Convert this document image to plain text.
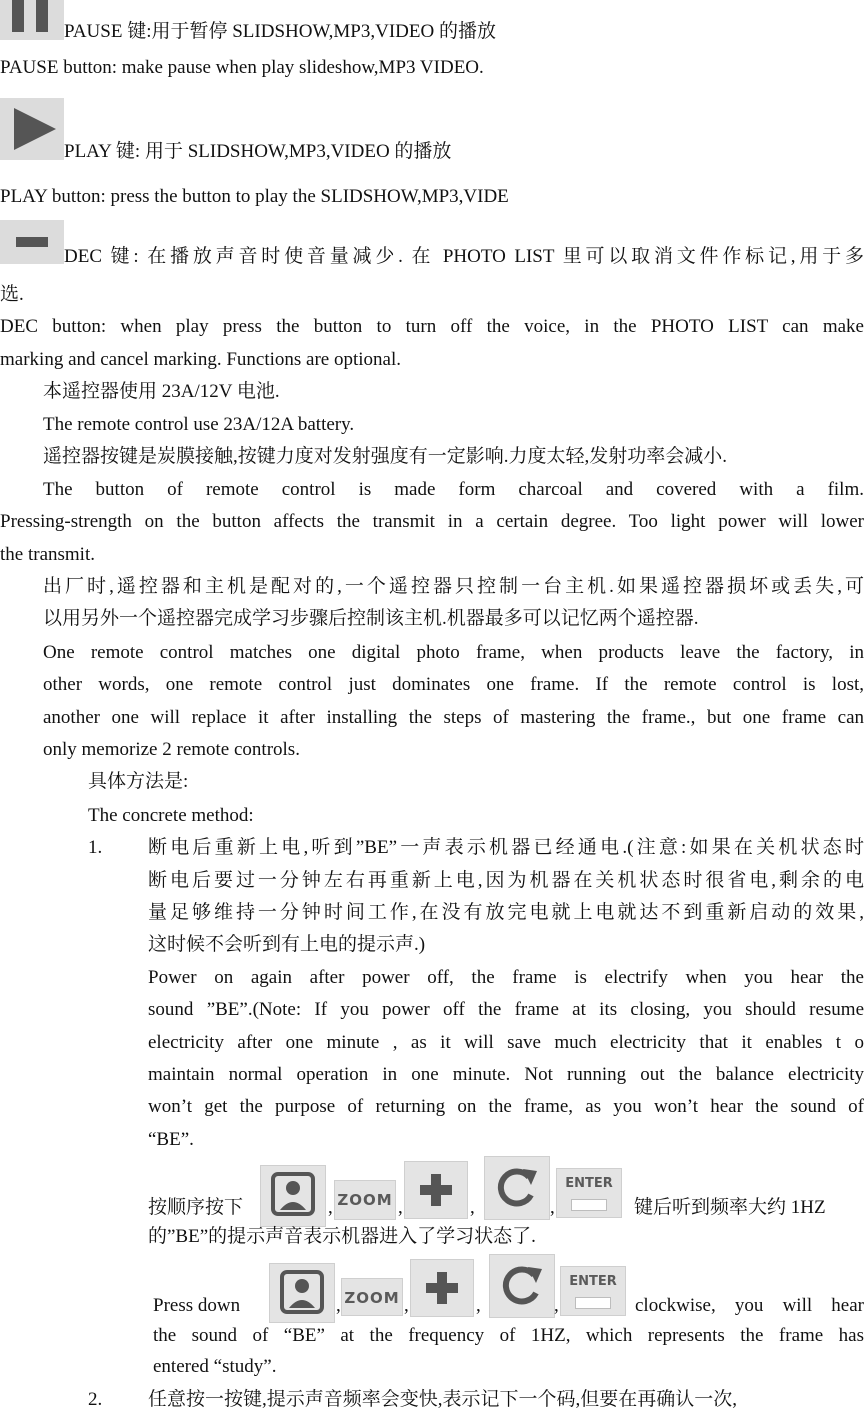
PAUSE 键:用于暂停 SLIDSHOW,MP3,VIDEO 的播放
PAUSE button: make pause when play slideshow,MP3 VIDEO.
PLAY 键: 用于 SLIDSHOW,MP3,VIDEO 的播放
PLAY button: press the button to play the SLIDSHOW,MP3,VIDE
DEC 键: 在播放声音时使音量减少. 在 PHOTO LIST 里可以取消文件作标记,用于多
选.
DEC button: when play press the button to turn off the voice, in the PHOTO LIST can make
marking and cancel marking. Functions are optional.
本遥控器使用 23A/12V 电池.
The remote control use 23A/12A battery.
遥控器按键是炭膜接触,按键力度对发射强度有一定影响.力度太轻,发射功率会减小.
The button of remote control is made form charcoal and covered with a film.
Pressing-strength on the button affects the transmit in a certain degree. Too light power will lower
the transmit.
出厂时,遥控器和主机是配对的,一个遥控器只控制一台主机.如果遥控器损坏或丢失,可
以用另外一个遥控器完成学习步骤后控制该主机.机器最多可以记忆两个遥控器.
One remote control matches one digital photo frame, when products leave the factory, in
other words, one remote control just dominates one frame. If the remote control is lost,
another one will replace it after installing the steps of mastering the frame., but one frame can
only memorize 2 remote controls.
具体方法是:
The concrete method:
1. 断电后重新上电,听到”BE”一声表示机器已经通电.(注意:如果在关机状态时
断电后要过一分钟左右再重新上电,因为机器在关机状态时很省电,剩余的电
量足够维持一分钟时间工作,在没有放完电就上电就达不到重新启动的效果,
这时候不会听到有上电的提示声.)
Power on again after power off, the frame is electrify when you hear the
sound ”BE”.(Note: If you power off the frame at its closing, you should resume
electricity after one minute , as it will save much electricity that it enables t o
maintain normal operation in one minute. Not running out the balance electricity
won’t get the purpose of returning on the frame, as you won’t hear the sound of
“BE”.
按顺序按下	, ZOOM ,	,	,
ENTER
键后听到频率大约 1HZ
的”BE”的提示声音表示机器进入了学习状态了.
Press down	, ZOOM ,	,	,
ENTER
clockwise, you will hear
the sound of “BE” at the frequency of 1HZ, which represents the frame has
entered “study”.
2. 任意按一按键,提示声音频率会变快,表示记下一个码,但要在再确认一次,
